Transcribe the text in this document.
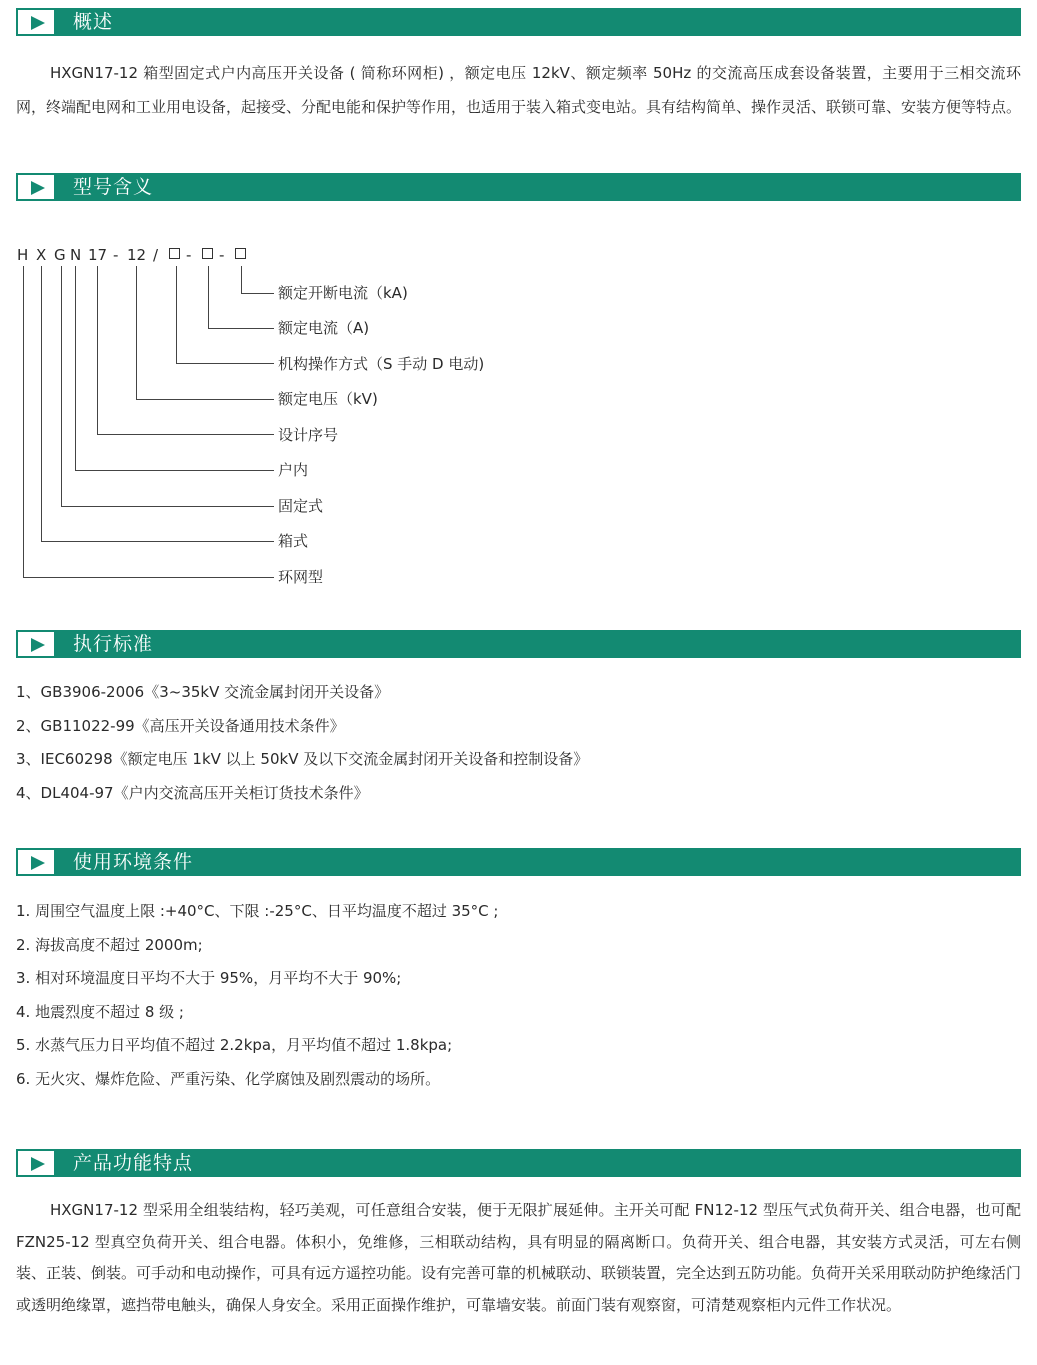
概述
HXGN17-12 箱型固定式户内高压开关设备 ( 简称环网柜) ，额定电压 12kV、额定频率 50Hz 的交流高压成套设备装置，主要用于三相交流环网，终端配电网和工业用电设备，起接受、分配电能和保护等作用，也适用于装入箱式变电站。具有结构简单、操作灵活、联锁可靠、安装方便等特点。
型号含义
H X G N 17 - 12 / - -
额定开断电流（kA)
额定电流（A)
机构操作方式（S 手动 D 电动)
额定电压（kV)
设计序号
户内
固定式
箱式
环网型
执行标准
1、GB3906-2006《3~35kV 交流金属封闭开关设备》
2、GB11022-99《高压开关设备通用技术条件》
3、IEC60298《额定电压 1kV 以上 50kV 及以下交流金属封闭开关设备和控制设备》
4、DL404-97《户内交流高压开关柜订货技术条件》
使用环境条件
1. 周围空气温度上限 :+40°C、下限 :-25°C、日平均温度不超过 35°C ;
2. 海拔高度不超过 2000m;
3. 相对环境温度日平均不大于 95%，月平均不大于 90%;
4. 地震烈度不超过 8 级 ;
5. 水蒸气压力日平均值不超过 2.2kpa，月平均值不超过 1.8kpa;
6. 无火灾、爆炸危险、严重污染、化学腐蚀及剧烈震动的场所。
产品功能特点
HXGN17-12 型采用全组装结构，轻巧美观，可任意组合安装，便于无限扩展延伸。主开关可配 FN12-12 型压气式负荷开关、组合电器，也可配 FZN25-12 型真空负荷开关、组合电器。体积小，免维修，三相联动结构，具有明显的隔离断口。负荷开关、组合电器，其安装方式灵活，可左右侧装、正装、倒装。可手动和电动操作，可具有远方遥控功能。设有完善可靠的机械联动、联锁装置，完全达到五防功能。负荷开关采用联动防护绝缘活门或透明绝缘罩，遮挡带电触头，确保人身安全。采用正面操作维护，可靠墙安装。前面门装有观察窗，可清楚观察柜内元件工作状况。
